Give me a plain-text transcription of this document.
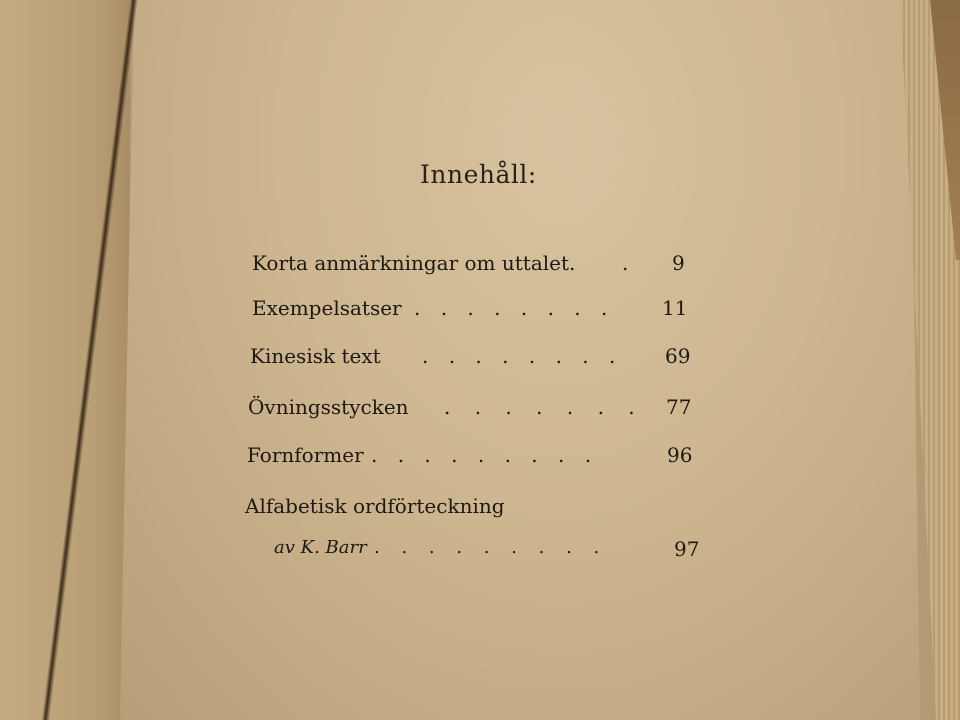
Innehåll:
Korta anmärkningar om uttalet. . 9
Exempelsatser . . . . . . . . 11
Kinesisk text . . . . . . . . 69
Övningsstycken . . . . . . . 77
Fornformer . . . . . . . . .	96
Alfabetisk ordförteckning
av K. Barr . . . . . . . . .	97
